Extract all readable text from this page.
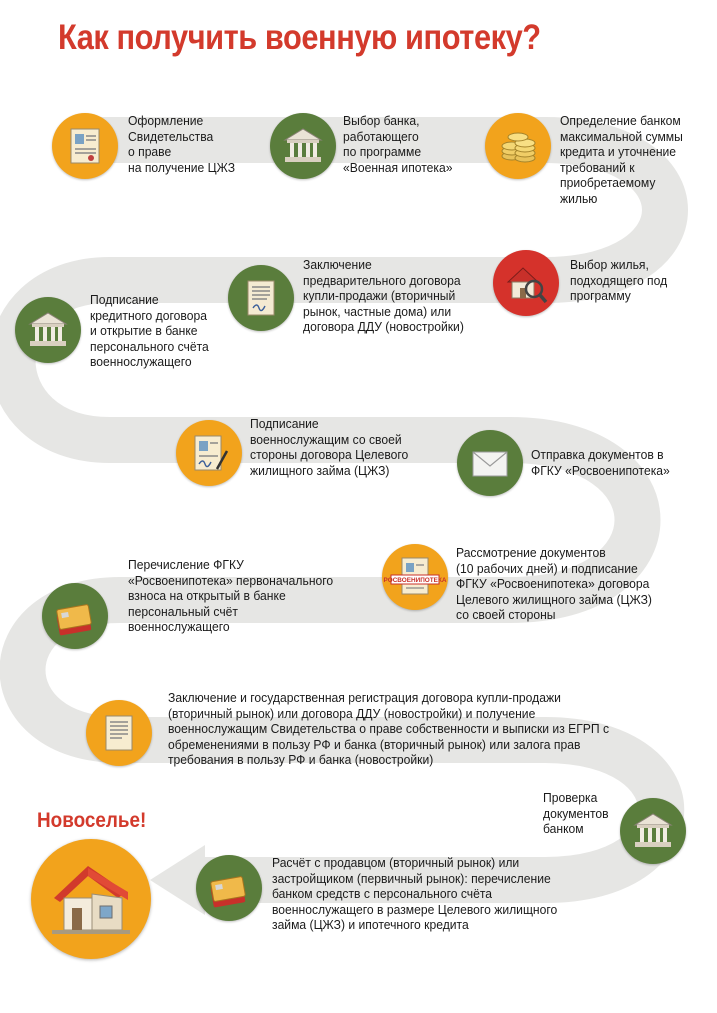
Как получить военную ипотеку?
Оформление
Свидетельства
о праве
на получение ЦЖЗ
Выбор банка,
работающего
по программе
«Военная ипотека»
Определение банком
максимальной суммы
кредита и уточнение
требований к
приобретаемому
жилью
Выбор жилья,
подходящего под
программу
Заключение
предварительного договора
купли-продажи (вторичный
рынок, частные дома) или
договора ДДУ (новостройки)
Подписание
кредитного договора
и открытие в банке
персонального счёта
военнослужащего
Подписание
военнослужащим со своей
стороны договора Целевого
жилищного займа (ЦЖЗ)
Отправка документов в
ФГКУ «Росвоенипотека»
РОСВОЕНИПОТЕКА
Рассмотрение документов
(10 рабочих дней) и подписание
ФГКУ «Росвоенипотека» договора
Целевого жилищного займа (ЦЖЗ)
со своей стороны
Перечисление ФГКУ
«Росвоенипотека» первоначального
взноса на открытый в банке
персональный счёт
военнослужащего
Заключение и государственная регистрация договора купли-продажи
(вторичный рынок) или договора ДДУ (новостройки) и получение
военнослужащим Свидетельства о праве собственности и выписки из ЕГРП с
обременениями в пользу РФ и банка (вторичный рынок) или залога прав
требования в пользу РФ и банка (новостройки)
Проверка
документов
банком
Расчёт с продавцом (вторичный рынок) или
застройщиком (первичный рынок): перечисление
банком средств с персонального счёта
военнослужащего в размере Целевого жилищного
займа (ЦЖЗ) и ипотечного кредита
Новоселье!
